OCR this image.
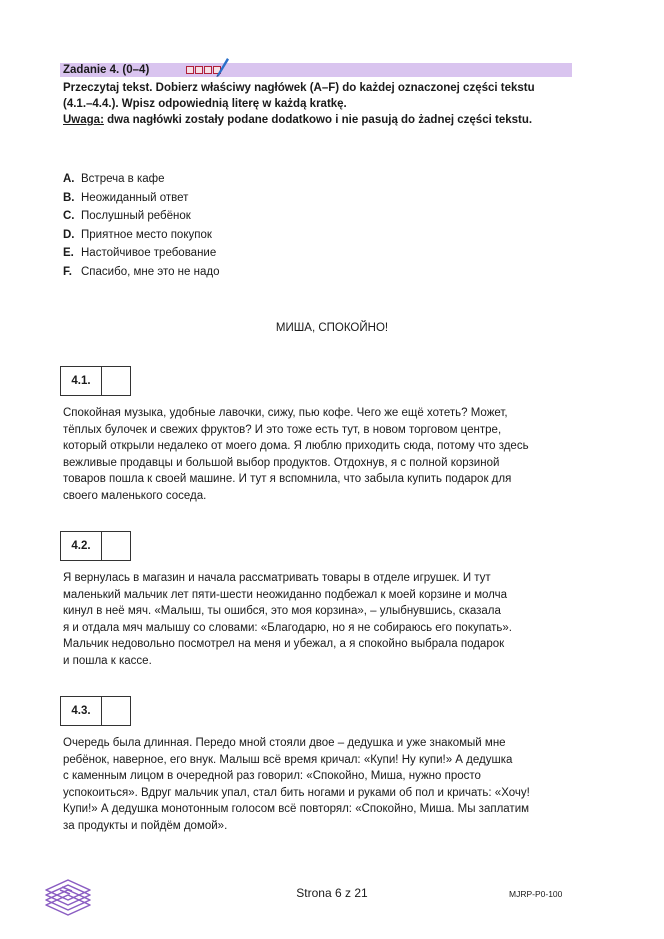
Zadanie 4. (0–4)
Przeczytaj tekst. Dobierz właściwy nagłówek (A–F) do każdej oznaczonej części tekstu
(4.1.–4.4.). Wpisz odpowiednią literę w każdą kratkę.
Uwaga: dwa nagłówki zostały podane dodatkowo i nie pasują do żadnej części tekstu.
A. Встреча в кафе
B. Неожиданный ответ
C. Послушный ребёнок
D. Приятное место покупок
E. Настойчивое требование
F. Спасибо, мне это не надо
МИША, СПОКОЙНО!
4.1.
Спокойная музыка, удобные лавочки, сижу, пью кофе. Чего же ещё хотеть? Может,
тёплых булочек и свежих фруктов? И это тоже есть тут, в новом торговом центре,
который открыли недалеко от моего дома. Я люблю приходить сюда, потому что здесь
вежливые продавцы и большой выбор продуктов. Отдохнув, я с полной корзиной
товаров пошла к своей машине. И тут я вспомнила, что забыла купить подарок для
своего маленького соседа.
4.2.
Я вернулась в магазин и начала рассматривать товары в отделе игрушек. И тут
маленький мальчик лет пяти-шести неожиданно подбежал к моей корзине и молча
кинул в неё мяч. «Малыш, ты ошибся, это моя корзина», – улыбнувшись, сказала
я и отдала мяч малышу со словами: «Благодарю, но я не собираюсь его покупать».
Мальчик недовольно посмотрел на меня и убежал, а я спокойно выбрала подарок
и пошла к кассе.
4.3.
Очередь была длинная. Передо мной стояли двое – дедушка и уже знакомый мне
ребёнок, наверное, его внук. Малыш всё время кричал: «Купи! Ну купи!» А дедушка
с каменным лицом в очередной раз говорил: «Спокойно, Миша, нужно просто
успокоиться». Вдруг мальчик упал, стал бить ногами и руками об пол и кричать: «Хочу!
Купи!» А дедушка монотонным голосом всё повторял: «Спокойно, Миша. Мы заплатим
за продукты и пойдём домой».
Strona 6 z 21	MJRP-P0-100
